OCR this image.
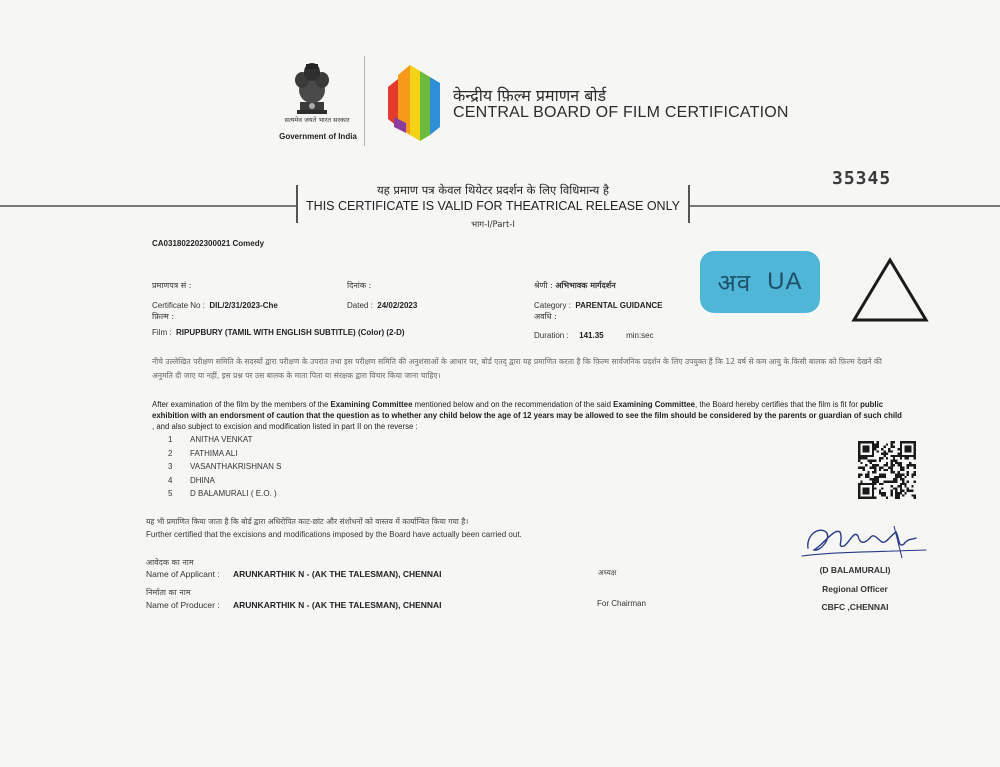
सत्यमेव जयते भारत सरकार
Government of India
केन्द्रीय फ़िल्म प्रमाणन बोर्ड
CENTRAL BOARD OF FILM CERTIFICATION
35345
यह प्रमाण पत्र केवल थियेटर प्रदर्शन के लिए विधिमान्य है
THIS CERTIFICATE IS VALID FOR THEATRICAL RELEASE ONLY
भाग-I/Part-I
CA031802202300021 Comedy
प्रमाणपत्र सं :	दिनांक :	श्रेणी : अभिभावक मार्गदर्शन
Certificate No : DIL/2/31/2023-Che	Dated : 24/02/2023	Category : PARENTAL GUIDANCE
फ़िल्म :	अवधि :
Film : RIPUPBURY (TAMIL WITH ENGLISH SUBTITLE) (Color) (2-D)	Duration : 141.35	min:sec
अव UA
नीचे उल्लेखित परीक्षण समिति के सदस्यों द्वारा परीक्षण के उपरांत तथा इस परीक्षण समिति की अनुशंसाओं के आधार पर, बोर्ड एतद् द्वारा यह प्रमाणित करता है कि फ़िल्म सार्वजनिक प्रदर्शन के लिए उपयुक्त है कि 12 वर्ष से कम आयु के किसी बालक को फ़िल्म देखने की अनुमति दी जाए या नहीं, इस प्रश्न पर उस बालक के माता पिता या संरक्षक द्वारा विचार किया जाना चाहिए।
After examination of the film by the members of the Examining Committee mentioned below and on the recommendation of the said Examining Committee, the Board hereby certifies that the film is fit for public exhibition with an endorsment of caution that the question as to whether any child below the age of 12 years may be allowed to see the film should be considered by the parents or guardian of such child , and also subject to excision and modification listed in part II on the reverse :
1	ANITHA VENKAT
2	FATHIMA ALI
3	VASANTHAKRISHNAN S
4	DHINA
5	D BALAMURALI ( E.O. )
यह भी प्रमाणित किया जाता है कि बोर्ड द्वारा अधिरोपित काट-छांट और संशोधनों को वास्तव में कार्यान्वित किया गया है।
Further certified that the excisions and modifications imposed by the Board have actually been carried out.
आवेदक का नाम
Name of Applicant : ARUNKARTHIK N - (AK THE TALESMAN), CHENNAI
निर्माता का नाम
Name of Producer : ARUNKARTHIK N - (AK THE TALESMAN), CHENNAI
अध्यक्ष
For Chairman
(D BALAMURALI)
Regional Officer
CBFC ,CHENNAI
